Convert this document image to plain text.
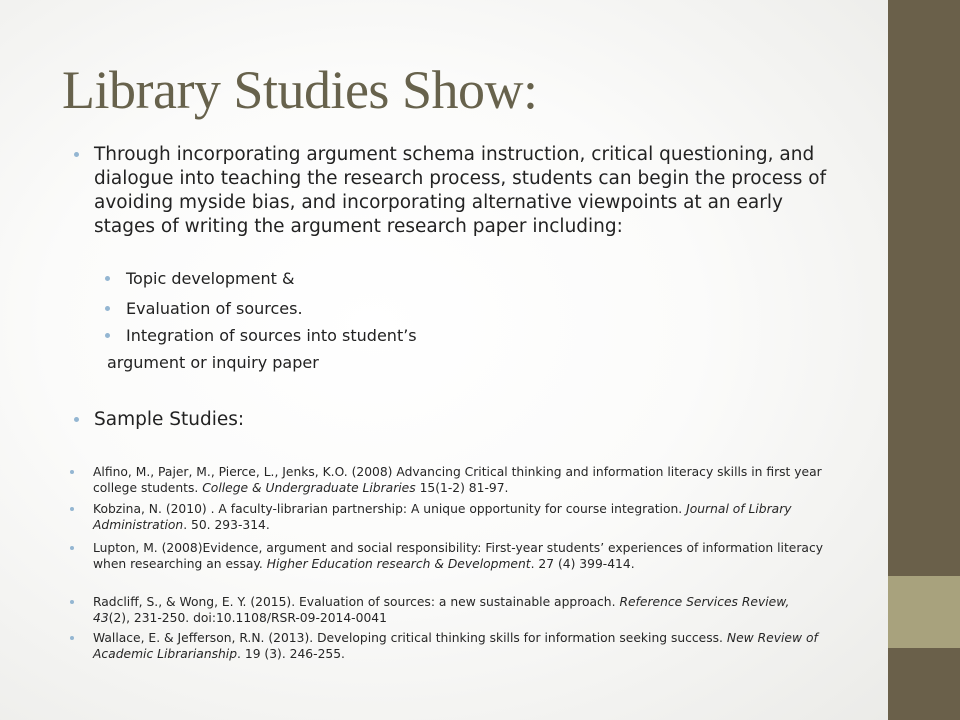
Library Studies Show:

Through incorporating argument schema instruction, critical questioning, and dialogue into teaching the research process, students can begin the process of avoiding myside bias, and incorporating alternative viewpoints at an early stages of writing the argument research paper including:

Topic development &

Evaluation of sources.

Integration of sources into student’s

argument or inquiry paper

Sample Studies:

Alfino, M., Pajer, M., Pierce, L., Jenks, K.O. (2008) Advancing Critical thinking and information literacy skills in first year college students. College & Undergraduate Libraries 15(1-2) 81-97.

Kobzina, N. (2010) . A faculty-librarian partnership: A unique opportunity for course integration. Journal of Library Administration. 50. 293-314.

Lupton, M. (2008)Evidence, argument and social responsibility: First-year students’ experiences of information literacy when researching an essay. Higher Education research & Development. 27 (4) 399-414.

Radcliff, S., & Wong, E. Y. (2015). Evaluation of sources: a new sustainable approach. Reference Services Review, 43(2), 231-250. doi:10.1108/RSR-09-2014-0041

Wallace, E. & Jefferson, R.N. (2013). Developing critical thinking skills for information seeking success. New Review of Academic Librarianship. 19 (3). 246-255.
